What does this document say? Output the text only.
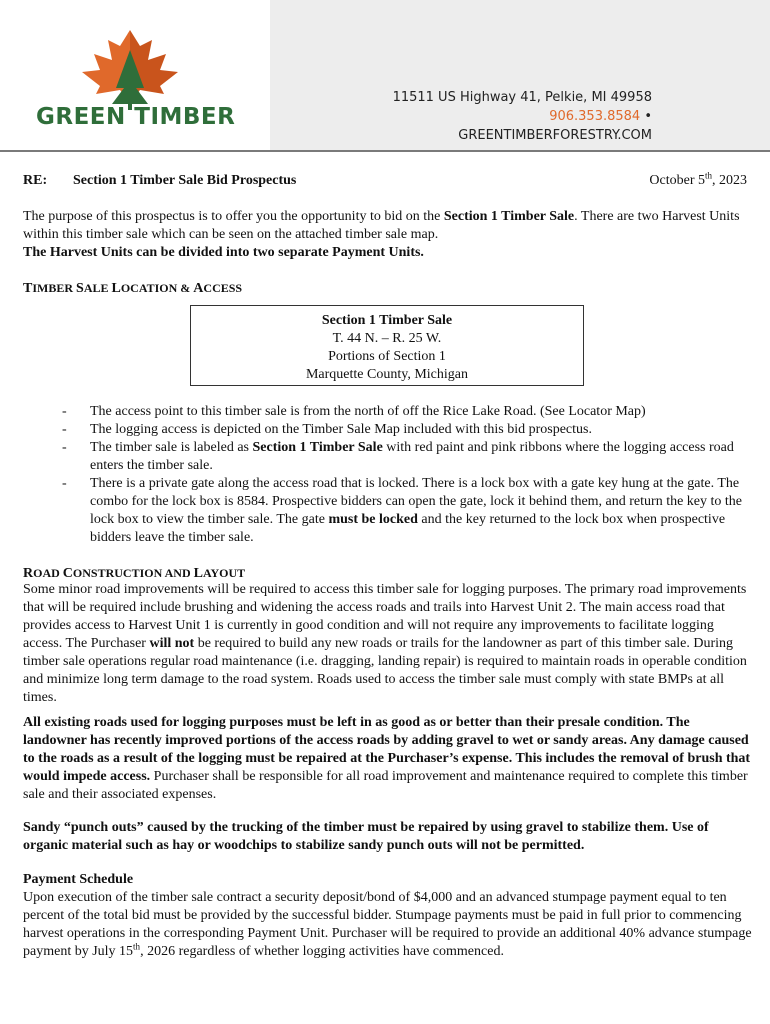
GREEN TIMBER
11511 US Highway 41, Pelkie, MI 49958
906.353.8584 •
GREENTIMBERFORESTRY.COM
RE: Section 1 Timber Sale Bid Prospectus	October 5th, 2023
The purpose of this prospectus is to offer you the opportunity to bid on the Section 1 Timber Sale. There are two Harvest Units within this timber sale which can be seen on the attached timber sale map.
The Harvest Units can be divided into two separate Payment Units.
TIMBER SALE LOCATION & ACCESS
Section 1 Timber Sale
T. 44 N. – R. 25 W.
Portions of Section 1
Marquette County, Michigan
- The access point to this timber sale is from the north of off the Rice Lake Road. (See Locator Map)
- The logging access is depicted on the Timber Sale Map included with this bid prospectus.
- The timber sale is labeled as Section 1 Timber Sale with red paint and pink ribbons where the logging access road enters the timber sale.
- There is a private gate along the access road that is locked. There is a lock box with a gate key hung at the gate. The combo for the lock box is 8584. Prospective bidders can open the gate, lock it behind them, and return the key to the lock box to view the timber sale. The gate must be locked and the key returned to the lock box when prospective bidders leave the timber sale.
ROAD CONSTRUCTION AND LAYOUT
Some minor road improvements will be required to access this timber sale for logging purposes. The primary road improvements that will be required include brushing and widening the access roads and trails into Harvest Unit 2. The main access road that provides access to Harvest Unit 1 is currently in good condition and will not require any improvements to facilitate logging access. The Purchaser will not be required to build any new roads or trails for the landowner as part of this timber sale. During timber sale operations regular road maintenance (i.e. dragging, landing repair) is required to maintain roads in operable condition and minimize long term damage to the road system. Roads used to access the timber sale must comply with state BMPs at all times.
All existing roads used for logging purposes must be left in as good as or better than their presale condition. The landowner has recently improved portions of the access roads by adding gravel to wet or sandy areas. Any damage caused to the roads as a result of the logging must be repaired at the Purchaser’s expense. This includes the removal of brush that would impede access. Purchaser shall be responsible for all road improvement and maintenance required to complete this timber sale and their associated expenses.
Sandy “punch outs” caused by the trucking of the timber must be repaired by using gravel to stabilize them. Use of organic material such as hay or woodchips to stabilize sandy punch outs will not be permitted.
Payment Schedule
Upon execution of the timber sale contract a security deposit/bond of $4,000 and an advanced stumpage payment equal to ten percent of the total bid must be provided by the successful bidder. Stumpage payments must be paid in full prior to commencing harvest operations in the corresponding Payment Unit. Purchaser will be required to provide an additional 40% advance stumpage payment by July 15th, 2026 regardless of whether logging activities have commenced.
